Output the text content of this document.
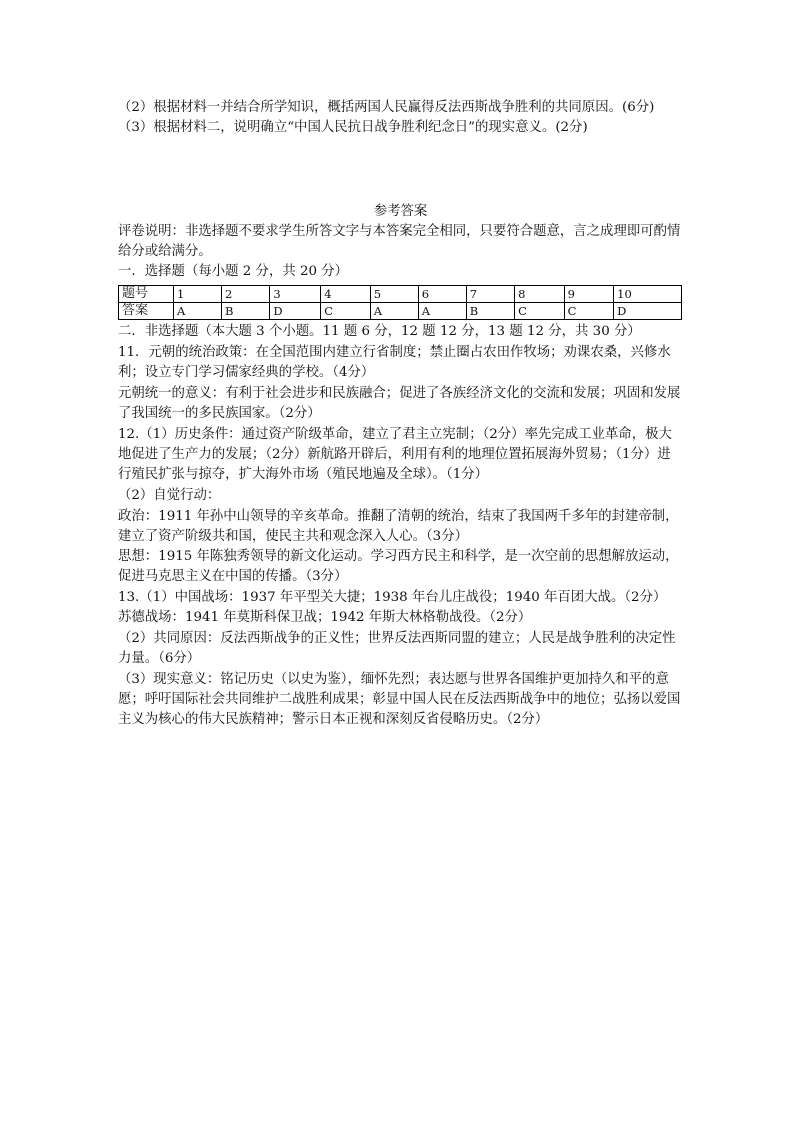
（2）根据材料一并结合所学知识，概括两国人民赢得反法西斯战争胜利的共同原因。(6分)

（3）根据材料二，说明确立“中国人民抗日战争胜利纪念日”的现实意义。(2分)

参考答案

评卷说明：非选择题不要求学生所答文字与本答案完全相同，只要符合题意，言之成理即可酌情给分或给满分。

一．选择题（每小题 2 分，共 20 分）

题号	1	2	3	4	5	6	7	8	9	10
答案	A	B	D	C	A	A	B	C	C	D

二．非选择题（本大题 3 个小题。11 题 6 分，12 题 12 分，13 题 12 分，共 30 分）

11．元朝的统治政策：在全国范围内建立行省制度；禁止圈占农田作牧场；劝课农桑，兴修水利；设立专门学习儒家经典的学校。（4分）

元朝统一的意义：有利于社会进步和民族融合；促进了各族经济文化的交流和发展；巩固和发展了我国统一的多民族国家。（2分）

12.（1）历史条件：通过资产阶级革命，建立了君主立宪制；（2分）率先完成工业革命，极大地促进了生产力的发展；（2分）新航路开辟后，利用有利的地理位置拓展海外贸易；（1分）进行殖民扩张与掠夺，扩大海外市场（殖民地遍及全球）。（1分）

（2）自觉行动：

政治：1911 年孙中山领导的辛亥革命。推翻了清朝的统治，结束了我国两千多年的封建帝制，建立了资产阶级共和国，使民主共和观念深入人心。（3分）

思想：1915 年陈独秀领导的新文化运动。学习西方民主和科学，是一次空前的思想解放运动，促进马克思主义在中国的传播。（3分）

13.（1）中国战场：1937 年平型关大捷；1938 年台儿庄战役；1940 年百团大战。（2分）

苏德战场：1941 年莫斯科保卫战；1942 年斯大林格勒战役。（2分）

（2）共同原因：反法西斯战争的正义性；世界反法西斯同盟的建立；人民是战争胜利的决定性力量。（6分）

（3）现实意义：铭记历史（以史为鉴），缅怀先烈；表达愿与世界各国维护更加持久和平的意愿；呼吁国际社会共同维护二战胜利成果；彰显中国人民在反法西斯战争中的地位；弘扬以爱国主义为核心的伟大民族精神；警示日本正视和深刻反省侵略历史。（2分）
